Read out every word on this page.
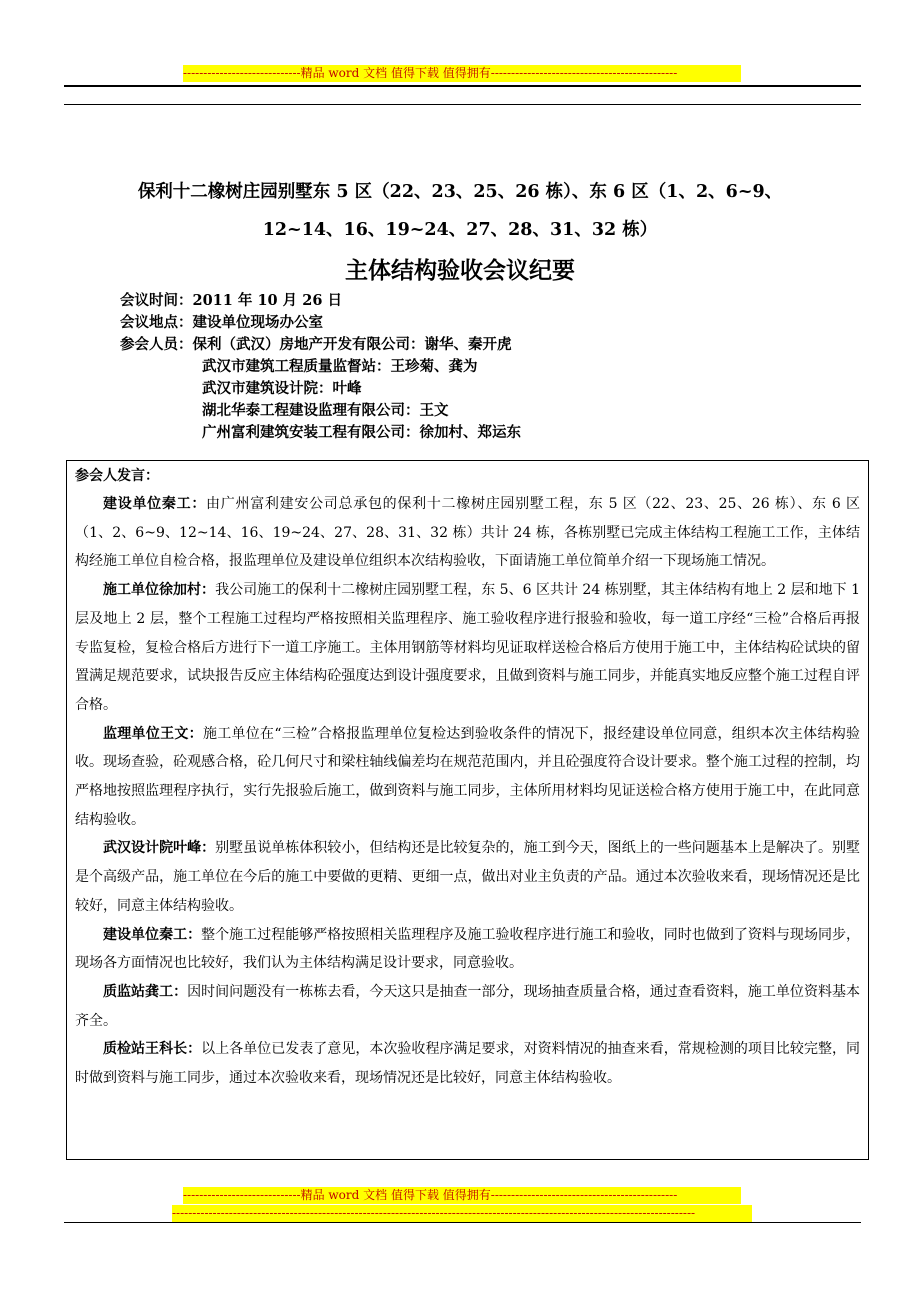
-----------------------------精品 word 文档 值得下载 值得拥有----------------------------------------------
保利十二橡树庄园别墅东 5 区（22、23、25、26 栋）、东 6 区（1、2、6~9、
12~14、16、19~24、27、28、31、32 栋）
主体结构验收会议纪要
会议时间：2011 年 10 月 26 日
会议地点：建设单位现场办公室
参会人员：保利（武汉）房地产开发有限公司：谢华、秦开虎
武汉市建筑工程质量监督站：王珍菊、龚为
武汉市建筑设计院：叶峰
湖北华泰工程建设监理有限公司：王文
广州富利建筑安装工程有限公司：徐加村、郑运东
参会人发言：

建设单位秦工：由广州富利建安公司总承包的保利十二橡树庄园别墅工程，东 5 区（22、23、25、26 栋）、东 6 区（1、2、6~9、12~14、16、19~24、27、28、31、32 栋）共计 24 栋，各栋别墅已完成主体结构工程施工工作，主体结构经施工单位自检合格，报监理单位及建设单位组织本次结构验收，下面请施工单位简单介绍一下现场施工情况。

施工单位徐加村：我公司施工的保利十二橡树庄园别墅工程，东 5、6 区共计 24 栋别墅，其主体结构有地上 2 层和地下 1 层及地上 2 层，整个工程施工过程均严格按照相关监理程序、施工验收程序进行报验和验收，每一道工序经“三检”合格后再报专监复检，复检合格后方进行下一道工序施工。主体用钢筋等材料均见证取样送检合格后方使用于施工中，主体结构砼试块的留置满足规范要求，试块报告反应主体结构砼强度达到设计强度要求，且做到资料与施工同步，并能真实地反应整个施工过程自评合格。

监理单位王文：施工单位在“三检”合格报监理单位复检达到验收条件的情况下，报经建设单位同意，组织本次主体结构验收。现场查验，砼观感合格，砼几何尺寸和梁柱轴线偏差均在规范范围内，并且砼强度符合设计要求。整个施工过程的控制，均严格地按照监理程序执行，实行先报验后施工，做到资料与施工同步，主体所用材料均见证送检合格方使用于施工中，在此同意结构验收。

武汉设计院叶峰：别墅虽说单栋体积较小，但结构还是比较复杂的，施工到今天，图纸上的一些问题基本上是解决了。别墅是个高级产品，施工单位在今后的施工中要做的更精、更细一点，做出对业主负责的产品。通过本次验收来看，现场情况还是比较好，同意主体结构验收。

建设单位秦工：整个施工过程能够严格按照相关监理程序及施工验收程序进行施工和验收，同时也做到了资料与现场同步，现场各方面情况也比较好，我们认为主体结构满足设计要求，同意验收。

质监站龚工：因时间问题没有一栋栋去看，今天这只是抽查一部分，现场抽查质量合格，通过查看资料，施工单位资料基本齐全。

质检站王科长：以上各单位已发表了意见，本次验收程序满足要求，对资料情况的抽查来看，常规检测的项目比较完整，同时做到资料与施工同步，通过本次验收来看，现场情况还是比较好，同意主体结构验收。

-----------------------------精品 word 文档 值得下载 值得拥有----------------------------------------------
---------------------------------------------------------------------------------------------------------------------------------
